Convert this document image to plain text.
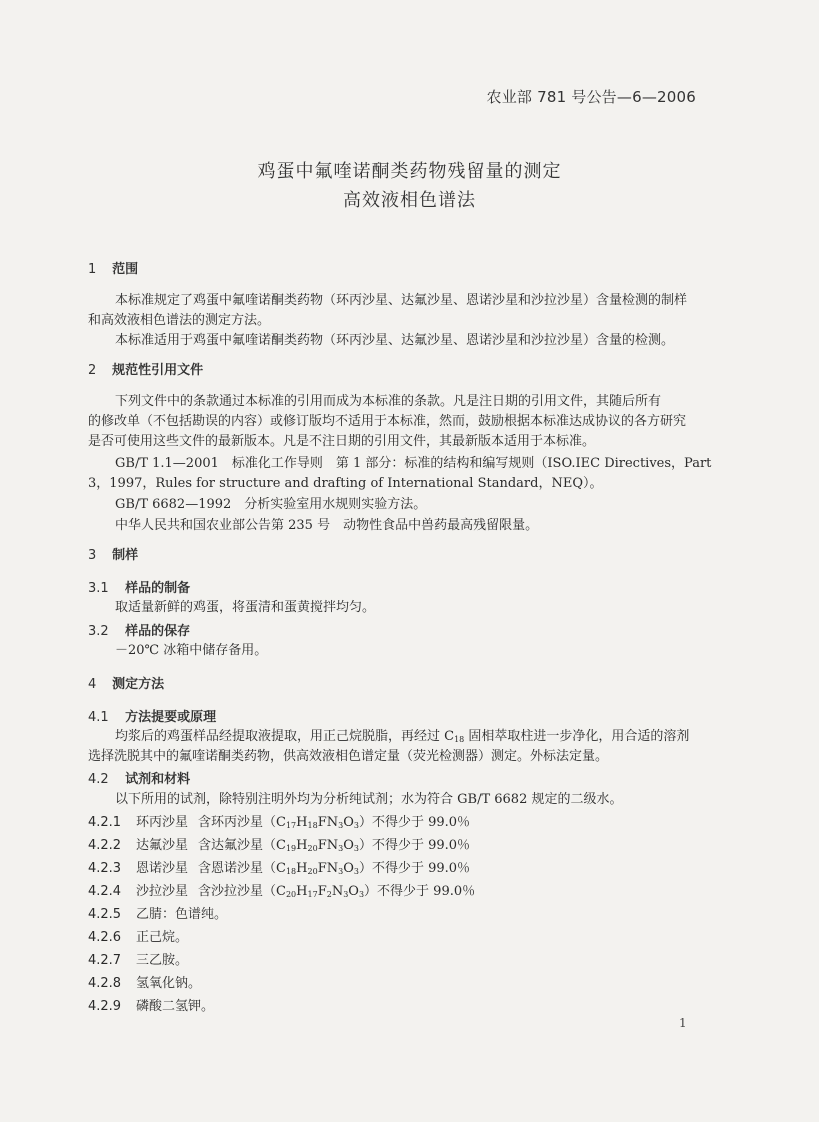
农业部 781 号公告—6—2006
鸡蛋中氟喹诺酮类药物残留量的测定
高效液相色谱法
1 范围
本标准规定了鸡蛋中氟喹诺酮类药物（环丙沙星、达氟沙星、恩诺沙星和沙拉沙星）含量检测的制样
和高效液相色谱法的测定方法。
本标准适用于鸡蛋中氟喹诺酮类药物（环丙沙星、达氟沙星、恩诺沙星和沙拉沙星）含量的检测。
2 规范性引用文件
下列文件中的条款通过本标准的引用而成为本标准的条款。凡是注日期的引用文件，其随后所有
的修改单（不包括勘误的内容）或修订版均不适用于本标准，然而，鼓励根据本标准达成协议的各方研究
是否可使用这些文件的最新版本。凡是不注日期的引用文件，其最新版本适用于本标准。
GB/T 1.1—2001　标准化工作导则　第 1 部分：标准的结构和编写规则（ISO.IEC Directives，Part
3，1997，Rules for structure and drafting of International Standard，NEQ）。
GB/T 6682—1992　分析实验室用水规则实验方法。
中华人民共和国农业部公告第 235 号　动物性食品中兽药最高残留限量。
3 制样
3.1 样品的制备
取适量新鲜的鸡蛋，将蛋清和蛋黄搅拌均匀。
3.2 样品的保存
－20℃ 冰箱中储存备用。
4 测定方法
4.1 方法提要或原理
均浆后的鸡蛋样品经提取液提取，用正己烷脱脂，再经过 $C_{18}$ 固相萃取柱进一步净化，用合适的溶剂
选择洗脱其中的氟喹诺酮类药物，供高效液相色谱定量（荧光检测器）测定。外标法定量。
4.2 试剂和材料
以下所用的试剂，除特别注明外均为分析纯试剂；水为符合 GB/T 6682 规定的二级水。
4.2.1 环丙沙星 含环丙沙星$(C_{17}H_{18}FN_3O_3)$不得少于 99.0％
4.2.2 达氟沙星 含达氟沙星$(C_{19}H_{20}FN_3O_3)$不得少于 99.0％
4.2.3 恩诺沙星 含恩诺沙星$(C_{18}H_{20}FN_3O_3)$不得少于 99.0％
4.2.4 沙拉沙星 含沙拉沙星$(C_{20}H_{17}F_2N_3O_3)$不得少于 99.0％
4.2.5 乙腈：色谱纯。
4.2.6 正己烷。
4.2.7 三乙胺。
4.2.8 氢氧化钠。
4.2.9 磷酸二氢钾。
1
